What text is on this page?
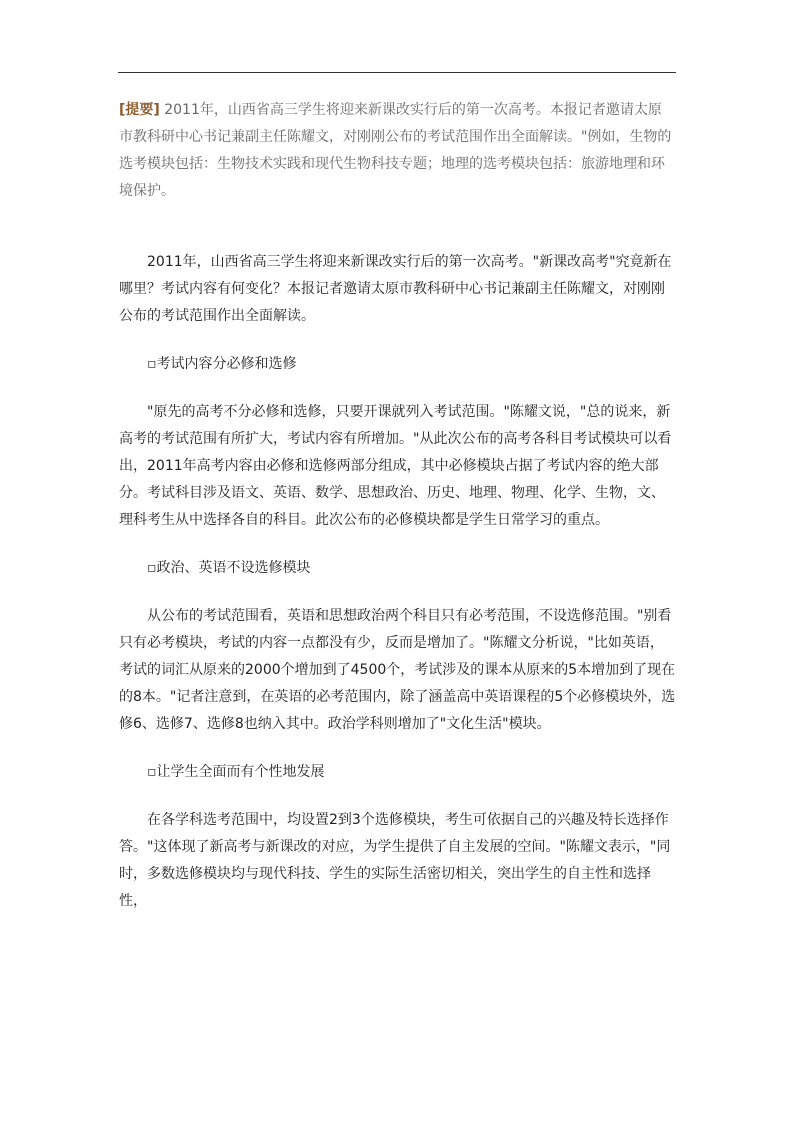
[提要] 2011年，山西省高三学生将迎来新课改实行后的第一次高考。本报记者邀请太原市教科研中心书记兼副主任陈耀文，对刚刚公布的考试范围作出全面解读。"例如，生物的选考模块包括：生物技术实践和现代生物科技专题；地理的选考模块包括：旅游地理和环境保护。

2011年，山西省高三学生将迎来新课改实行后的第一次高考。"新课改高考"究竟新在哪里？考试内容有何变化？本报记者邀请太原市教科研中心书记兼副主任陈耀文，对刚刚公布的考试范围作出全面解读。

▫考试内容分必修和选修

"原先的高考不分必修和选修，只要开课就列入考试范围。"陈耀文说，"总的说来，新高考的考试范围有所扩大，考试内容有所增加。"从此次公布的高考各科目考试模块可以看出，2011年高考内容由必修和选修两部分组成，其中必修模块占据了考试内容的绝大部分。考试科目涉及语文、英语、数学、思想政治、历史、地理、物理、化学、生物，文、理科考生从中选择各自的科目。此次公布的必修模块都是学生日常学习的重点。

▫政治、英语不设选修模块

从公布的考试范围看，英语和思想政治两个科目只有必考范围，不设选修范围。"别看只有必考模块，考试的内容一点都没有少，反而是增加了。"陈耀文分析说，"比如英语，考试的词汇从原来的2000个增加到了4500个，考试涉及的课本从原来的5本增加到了现在的8本。"记者注意到，在英语的必考范围内，除了涵盖高中英语课程的5个必修模块外，选修6、选修7、选修8也纳入其中。政治学科则增加了"文化生活"模块。

▫让学生全面而有个性地发展

在各学科选考范围中，均设置2到3个选修模块，考生可依据自己的兴趣及特长选择作答。"这体现了新高考与新课改的对应，为学生提供了自主发展的空间。"陈耀文表示，"同时，多数选修模块均与现代科技、学生的实际生活密切相关，突出学生的自主性和选择性，
